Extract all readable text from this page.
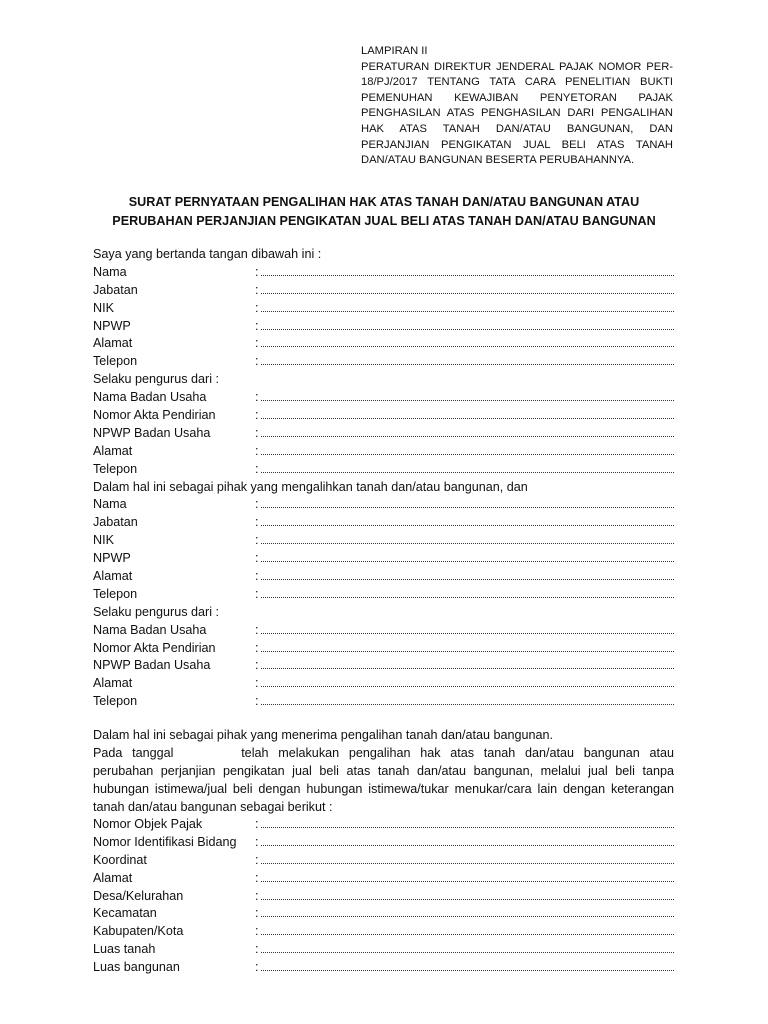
LAMPIRAN II
PERATURAN DIREKTUR JENDERAL PAJAK NOMOR PER-18/PJ/2017 TENTANG TATA CARA PENELITIAN BUKTI PEMENUHAN KEWAJIBAN PENYETORAN PAJAK PENGHASILAN ATAS PENGHASILAN DARI PENGALIHAN HAK ATAS TANAH DAN/ATAU BANGUNAN, DAN PERJANJIAN PENGIKATAN JUAL BELI ATAS TANAH DAN/ATAU BANGUNAN BESERTA PERUBAHANNYA.
SURAT PERNYATAAN PENGALIHAN HAK ATAS TANAH DAN/ATAU BANGUNAN ATAU
PERUBAHAN PERJANJIAN PENGIKATAN JUAL BELI ATAS TANAH DAN/ATAU BANGUNAN
Saya yang bertanda tangan dibawah ini :
Nama	:
Jabatan	:
NIK	:
NPWP	:
Alamat	:
Telepon	:
Selaku pengurus dari :
Nama Badan Usaha	:
Nomor Akta Pendirian	:
NPWP Badan Usaha	:
Alamat	:
Telepon	:
Dalam hal ini sebagai pihak yang mengalihkan tanah dan/atau bangunan, dan
Nama	:
Jabatan	:
NIK	:
NPWP	:
Alamat	:
Telepon	:
Selaku pengurus dari :
Nama Badan Usaha	:
Nomor Akta Pendirian	:
NPWP Badan Usaha	:
Alamat	:
Telepon	:
Dalam hal ini sebagai pihak yang menerima pengalihan tanah dan/atau bangunan.
Pada tanggal	telah melakukan pengalihan hak atas tanah dan/atau bangunan atau perubahan perjanjian pengikatan jual beli atas tanah dan/atau bangunan, melalui jual beli tanpa hubungan istimewa/jual beli dengan hubungan istimewa/tukar menukar/cara lain dengan keterangan tanah dan/atau bangunan sebagai berikut :
Nomor Objek Pajak	:
Nomor Identifikasi Bidang :
Koordinat	:
Alamat	:
Desa/Kelurahan	:
Kecamatan	:
Kabupaten/Kota	:
Luas tanah	:
Luas bangunan	:
